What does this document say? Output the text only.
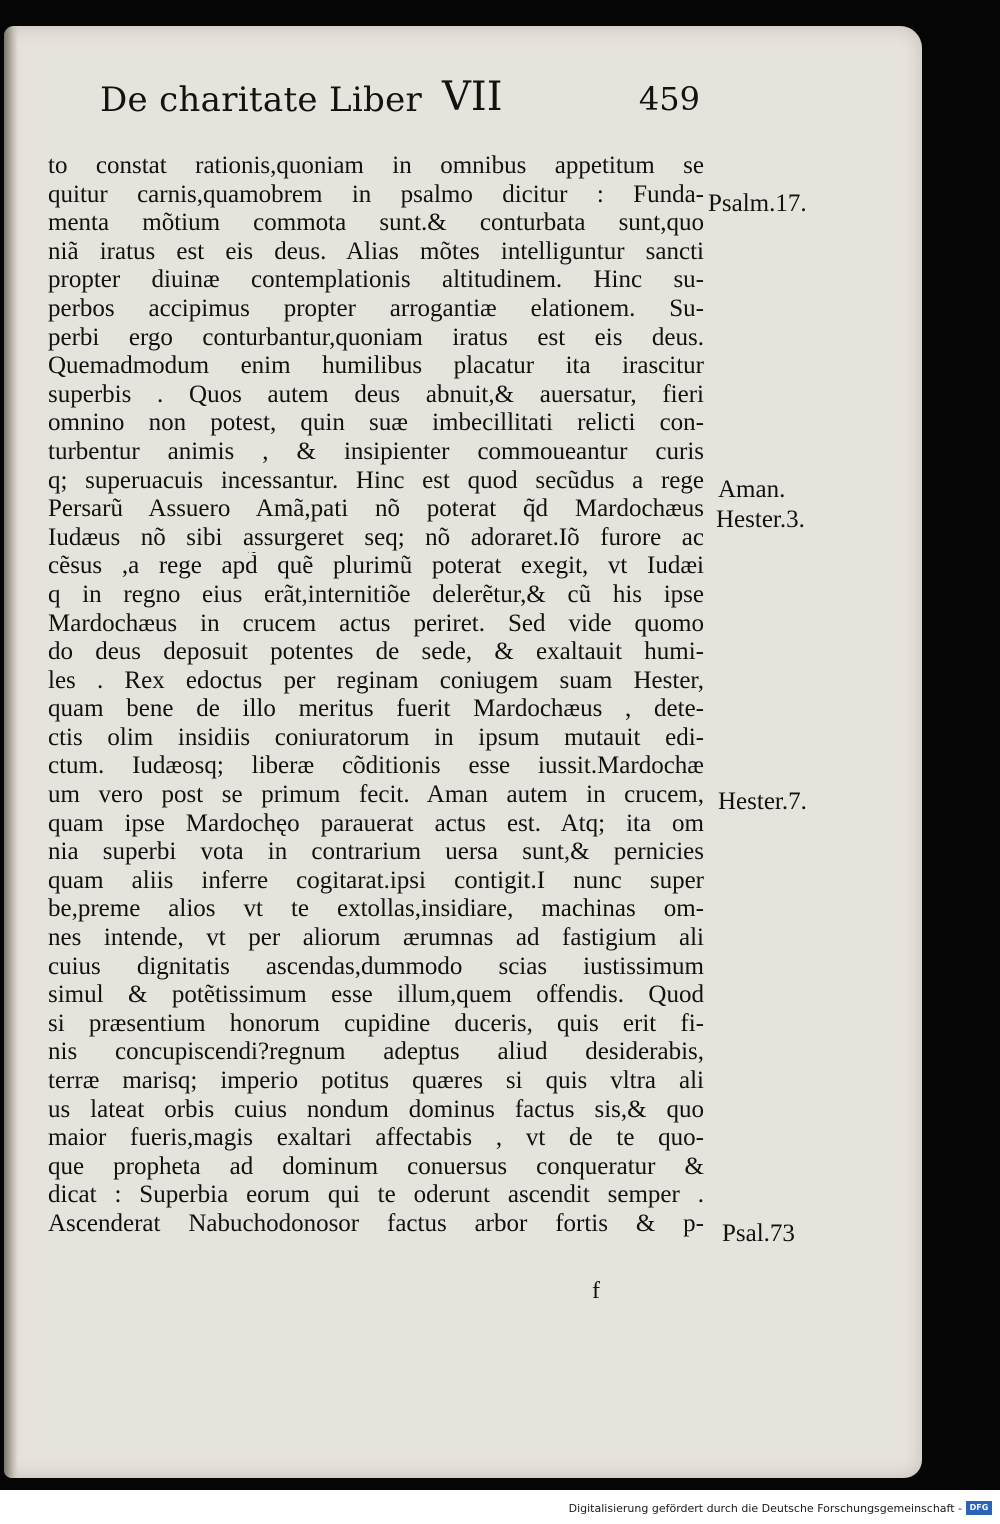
De charitate Liber VII	459
to constat rationis,quoniam in omnibus appetitum se
quitur carnis,quamobrem in psalmo dicitur : Funda-
menta mõtium commota sunt.& conturbata sunt,quo
niã iratus est eis deus. Alias mõtes intelliguntur sancti
propter diuinæ contemplationis altitudinem. Hinc su-
perbos accipimus propter arrogantiæ elationem. Su-
perbi ergo conturbantur,quoniam iratus est eis deus.
Quemadmodum enim humilibus placatur ita irascitur
superbis . Quos autem deus abnuit,& auersatur, fieri
omnino non potest, quin suæ imbecillitati relicti con-
turbentur animis , & insipienter commoueantur curis
q; superuacuis incessantur. Hinc est quod secũdus a rege
Persarũ Assuero Amã,pati nõ poterat q̃d Mardochæus
Iudæus nõ sibi assurgeret seq; nõ adoraret.Iõ furore ac
cẽsus ,a rege apd̃ quẽ plurimũ poterat exegit, vt Iudæi
q in regno eius erãt,internitiõe delerẽtur,& cũ his ipse
Mardochæus in crucem actus periret. Sed vide quomo
do deus deposuit potentes de sede, & exaltauit humi-
les . Rex edoctus per reginam coniugem suam Hester,
quam bene de illo meritus fuerit Mardochæus , dete-
ctis olim insidiis coniuratorum in ipsum mutauit edi-
ctum. Iudæosq; liberæ cõditionis esse iussit.Mardochæ
um vero post se primum fecit. Aman autem in crucem,
quam ipse Mardochęo parauerat actus est. Atq; ita om
nia superbi vota in contrarium uersa sunt,& pernicies
quam aliis inferre cogitarat.ipsi contigit.I nunc super
be,preme alios vt te extollas,insidiare, machinas om-
nes intende, vt per aliorum ærumnas ad fastigium ali
cuius dignitatis ascendas,dummodo scias iustissimum
simul & potẽtissimum esse illum,quem offendis. Quod
si præsentium honorum cupidine duceris, quis erit fi-
nis concupiscendi?regnum adeptus aliud desiderabis,
terræ marisq; imperio potitus quæres si quis vltra ali
us lateat orbis cuius nondum dominus factus sis,& quo
maior fueris,magis exaltari affectabis , vt de te quo-
que propheta ad dominum conuersus conqueratur &
dicat : Superbia eorum qui te oderunt ascendit semper .
Ascenderat Nabuchodonosor factus arbor fortis & p-
Psalm.17.
Aman.
Hester.3.
Hester.7.
Psal.73
f
Digitalisierung gefördert durch die Deutsche Forschungsgemeinschaft - DFG
